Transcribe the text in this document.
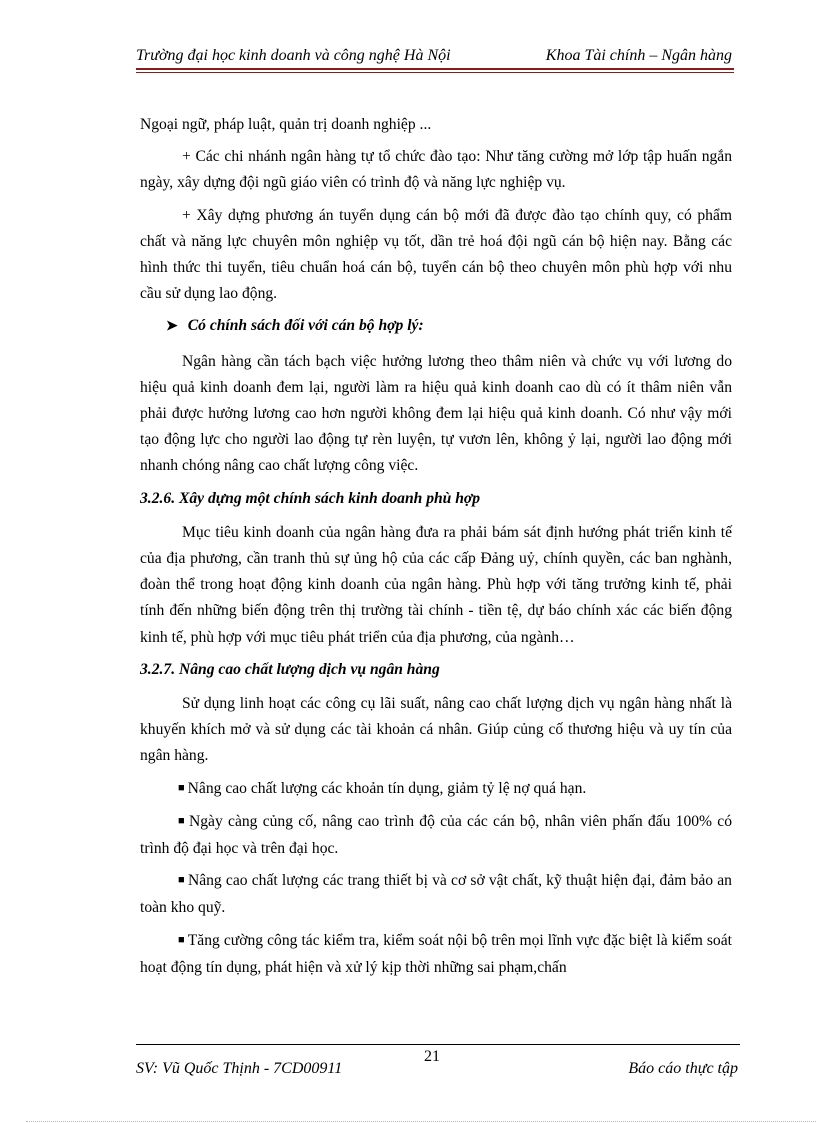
Trường đại học kinh doanh và công nghệ Hà Nội	Khoa Tài chính – Ngân hàng

Ngoại ngữ, pháp luật, quản trị doanh nghiệp ...

+ Các chi nhánh ngân hàng tự tổ chức đào tạo: Như tăng cường mở lớp tập huấn ngắn ngày, xây dựng đội ngũ giáo viên có trình độ và năng lực nghiệp vụ.

+ Xây dựng phương án tuyển dụng cán bộ mới đã được đào tạo chính quy, có phẩm chất và năng lực chuyên môn nghiệp vụ tốt, dần trẻ hoá đội ngũ cán bộ hiện nay. Bằng các hình thức thi tuyển, tiêu chuẩn hoá cán bộ, tuyển cán bộ theo chuyên môn phù hợp với nhu cầu sử dụng lao động.

➤ Có chính sách đối với cán bộ hợp lý:

Ngân hàng cần tách bạch việc hưởng lương theo thâm niên và chức vụ với lương do hiệu quả kinh doanh đem lại, người làm ra hiệu quả kinh doanh cao dù có ít thâm niên vẫn phải được hưởng lương cao hơn người không đem lại hiệu quả kinh doanh. Có như vậy mới tạo động lực cho người lao động tự rèn luyện, tự vươn lên, không ỷ lại, người lao động mới nhanh chóng nâng cao chất lượng công việc.

3.2.6. Xây dựng một chính sách kinh doanh phù hợp

Mục tiêu kinh doanh của ngân hàng đưa ra phải bám sát định hướng phát triển kinh tế của địa phương, cần tranh thủ sự ủng hộ của các cấp Đảng uỷ, chính quyền, các ban nghành, đoàn thể trong hoạt động kinh doanh của ngân hàng. Phù hợp với tăng trưởng kinh tế, phải tính đến những biến động trên thị trường tài chính - tiền tệ, dự báo chính xác các biến động kinh tế, phù hợp với mục tiêu phát triển của địa phương, của ngành…

3.2.7. Nâng cao chất lượng dịch vụ ngân hàng

Sử dụng linh hoạt các công cụ lãi suất, nâng cao chất lượng dịch vụ ngân hàng nhất là khuyến khích mở và sử dụng các tài khoản cá nhân. Giúp củng cố thương hiệu và uy tín của ngân hàng.

■ Nâng cao chất lượng các khoản tín dụng, giảm tỷ lệ nợ quá hạn.

■ Ngày càng củng cố, nâng cao trình độ của các cán bộ, nhân viên phấn đấu 100% có trình độ đại học và trên đại học.

■ Nâng cao chất lượng các trang thiết bị và cơ sở vật chất, kỹ thuật hiện đại, đảm bảo an toàn kho quỹ.

■ Tăng cường công tác kiểm tra, kiểm soát nội bộ trên mọi lĩnh vực đặc biệt là kiểm soát hoạt động tín dụng, phát hiện và xử lý kịp thời những sai phạm,chấn

SV: Vũ Quốc Thịnh - 7CD00911
21
Báo cáo thực tập
